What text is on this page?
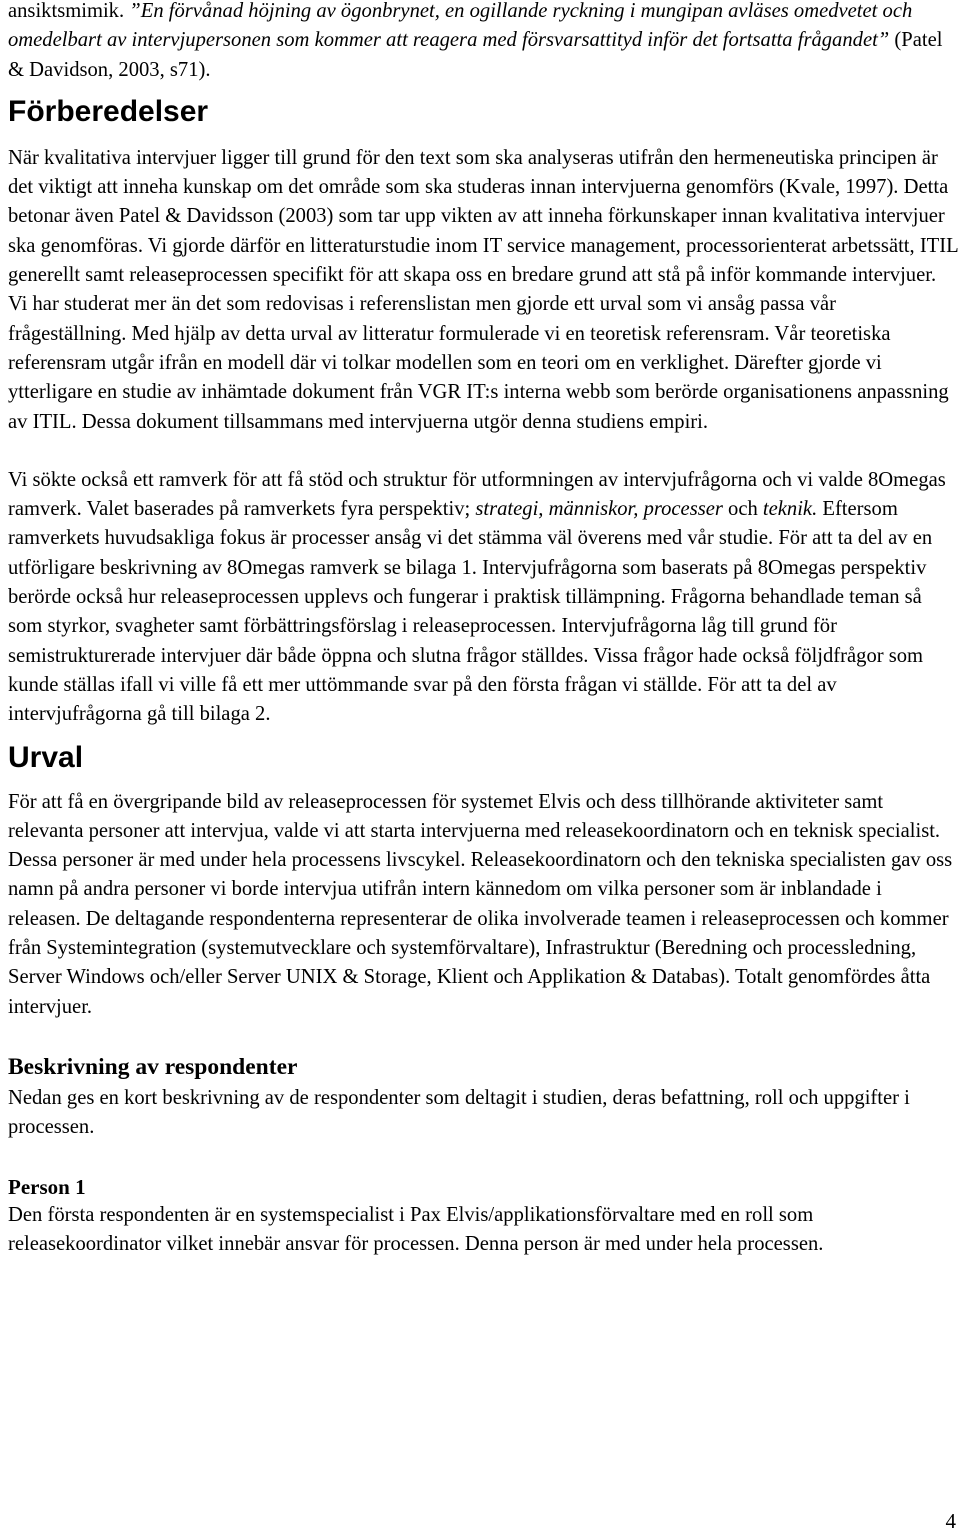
ansiktsmimik. ”En förvånad höjning av ögonbrynet, en ogillande ryckning i mungipan avläses omedvetet och omedelbart av intervjupersonen som kommer att reagera med försvarsattityd inför det fortsatta frågandet” (Patel & Davidson, 2003, s71).

Förberedelser

När kvalitativa intervjuer ligger till grund för den text som ska analyseras utifrån den hermeneutiska principen är det viktigt att inneha kunskap om det område som ska studeras innan intervjuerna genomförs (Kvale, 1997). Detta betonar även Patel & Davidsson (2003) som tar upp vikten av att inneha förkunskaper innan kvalitativa intervjuer ska genomföras. Vi gjorde därför en litteraturstudie inom IT service management, processorienterat arbetssätt, ITIL generellt samt releaseprocessen specifikt för att skapa oss en bredare grund att stå på inför kommande intervjuer. Vi har studerat mer än det som redovisas i referenslistan men gjorde ett urval som vi ansåg passa vår frågeställning. Med hjälp av detta urval av litteratur formulerade vi en teoretisk referensram. Vår teoretiska referensram utgår ifrån en modell där vi tolkar modellen som en teori om en verklighet. Därefter gjorde vi ytterligare en studie av inhämtade dokument från VGR IT:s interna webb som berörde organisationens anpassning av ITIL. Dessa dokument tillsammans med intervjuerna utgör denna studiens empiri.

Vi sökte också ett ramverk för att få stöd och struktur för utformningen av intervjufrågorna och vi valde 8Omegas ramverk. Valet baserades på ramverkets fyra perspektiv; strategi, människor, processer och teknik. Eftersom ramverkets huvudsakliga fokus är processer ansåg vi det stämma väl överens med vår studie. För att ta del av en utförligare beskrivning av 8Omegas ramverk se bilaga 1. Intervjufrågorna som baserats på 8Omegas perspektiv berörde också hur releaseprocessen upplevs och fungerar i praktisk tillämpning. Frågorna behandlade teman så som styrkor, svagheter samt förbättringsförslag i releaseprocessen. Intervjufrågorna låg till grund för semistrukturerade intervjuer där både öppna och slutna frågor ställdes. Vissa frågor hade också följdfrågor som kunde ställas ifall vi ville få ett mer uttömmande svar på den första frågan vi ställde. För att ta del av intervjufrågorna gå till bilaga 2.

Urval

För att få en övergripande bild av releaseprocessen för systemet Elvis och dess tillhörande aktiviteter samt relevanta personer att intervjua, valde vi att starta intervjuerna med releasekoordinatorn och en teknisk specialist. Dessa personer är med under hela processens livscykel. Releasekoordinatorn och den tekniska specialisten gav oss namn på andra personer vi borde intervjua utifrån intern kännedom om vilka personer som är inblandade i releasen. De deltagande respondenterna representerar de olika involverade teamen i releaseprocessen och kommer från Systemintegration (systemutvecklare och systemförvaltare), Infrastruktur (Beredning och processledning, Server Windows och/eller Server UNIX & Storage, Klient och Applikation & Databas). Totalt genomfördes åtta intervjuer.

Beskrivning av respondenter

Nedan ges en kort beskrivning av de respondenter som deltagit i studien, deras befattning, roll och uppgifter i processen.

Person 1

Den första respondenten är en systemspecialist i Pax Elvis/applikationsförvaltare med en roll som releasekoordinator vilket innebär ansvar för processen. Denna person är med under hela processen.

4
